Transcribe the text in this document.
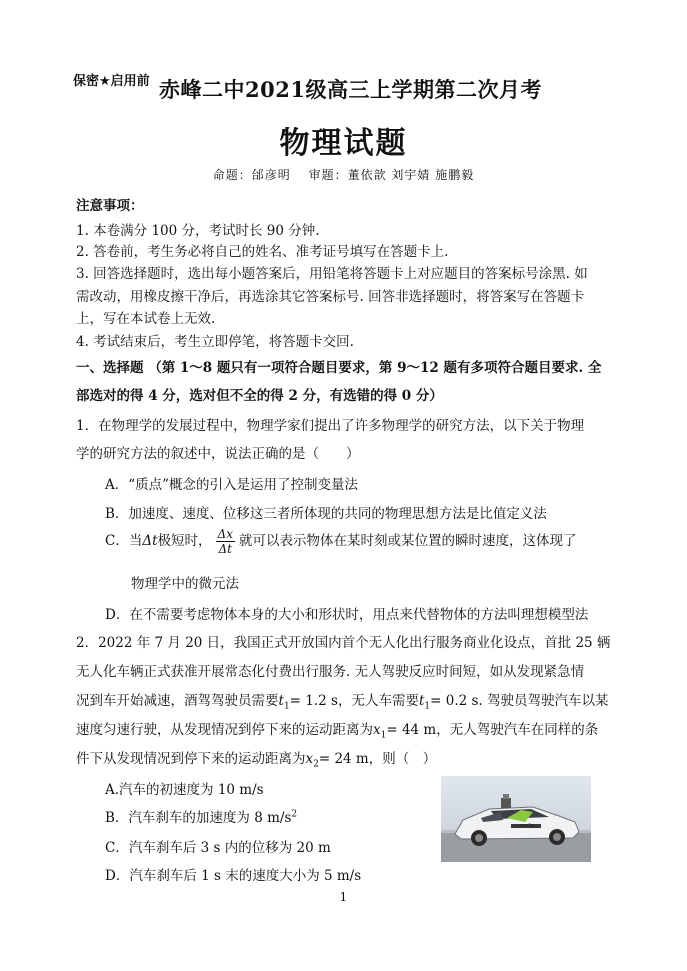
保密★启用前 赤峰二中2021级高三上学期第二次月考
物理试题
命题：邰彦明　 审题：董依歆 刘宇婧 施鹏毅
注意事项：
1. 本卷满分 100 分，考试时长 90 分钟.
2. 答卷前，考生务必将自己的姓名、准考证号填写在答题卡上.
3. 回答选择题时，选出每小题答案后，用铅笔将答题卡上对应题目的答案标号涂黑. 如
需改动，用橡皮擦干净后，再选涂其它答案标号. 回答非选择题时，将答案写在答题卡
上，写在本试卷上无效.
4. 考试结束后，考生立即停笔，将答题卡交回.
一、选择题 （第 1～8 题只有一项符合题目要求，第 9～12 题有多项符合题目要求. 全
部选对的得 4 分，选对但不全的得 2 分，有选错的得 0 分）
1．在物理学的发展过程中，物理学家们提出了许多物理学的研究方法，以下关于物理
学的研究方法的叙述中，说法正确的是（　　）
A．“质点”概念的引入是运用了控制变量法
B．加速度、速度、位移这三者所体现的共同的物理思想方法是比值定义法
C．当Δt极短时， $\frac{\Delta x}{\Delta t}$ 就可以表示物体在某时刻或某位置的瞬时速度，这体现了
物理学中的微元法
D．在不需要考虑物体本身的大小和形状时，用点来代替物体的方法叫理想模型法
2．2022 年 7 月 20 日，我国正式开放国内首个无人化出行服务商业化设点，首批 25 辆
无人化车辆正式获准开展常态化付费出行服务. 无人驾驶反应时间短，如从发现紧急情
况到车开始减速，酒驾驾驶员需要$t_1= 1.2$ s，无人车需要$t_1= 0.2$ s. 驾驶员驾驶汽车以某
速度匀速行驶，从发现情况到停下来的运动距离为$x_1= 44$ m，无人驾驶汽车在同样的条
件下从发现情况到停下来的运动距离为$x_2= 24$ m，则（　）
A.汽车的初速度为 10 m/s
B．汽车刹车的加速度为 8 $m/s^2$
C．汽车刹车后 3 s 内的位移为 20 m
D．汽车刹车后 1 s 末的速度大小为 5 m/s
apollo
1
